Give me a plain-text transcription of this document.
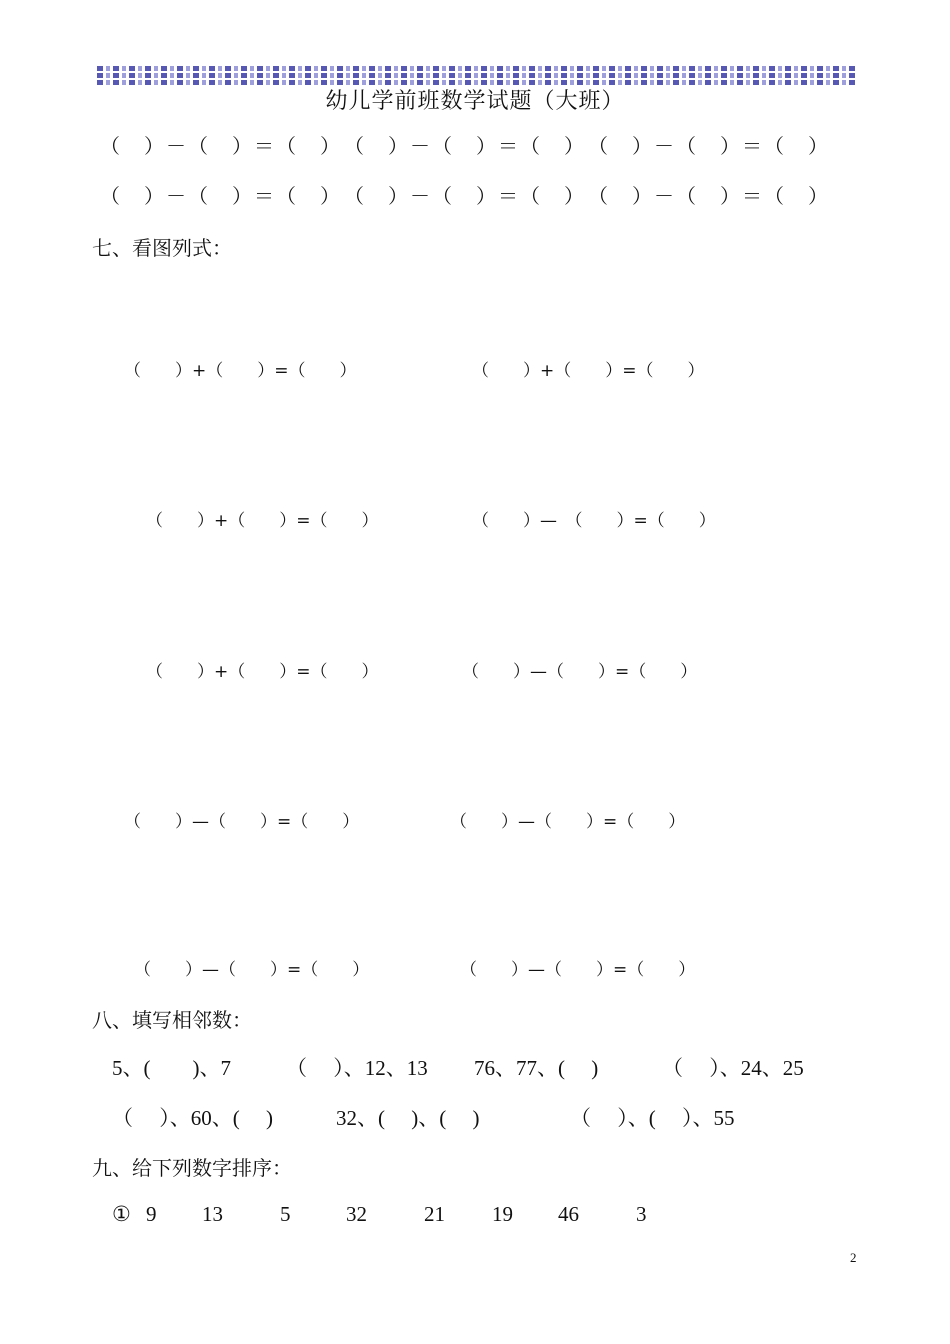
幼儿学前班数学试题（大班）
（　）－（　）＝（　）　（　）－（　）＝（　）　（　）－（　）＝（　）
（　）－（　）＝（　）　（　）－（　）＝（　）　（　）－（　）＝（　）
七、看图列式：
（　　）+（　　）=（　　）	（　　）+（　　）=（　　）
（　　）+（　　）=（　　）	（　　）—　（　　）=（　　）
（　　）+（　　）=（　　）	（　　）—（　　）=（　　）
（　　）—（　　）=（　　）	（　　）—（　　）=（　　）
（　　）—（　　）=（　　）	（　　）—（　　）=（　　）
八、填写相邻数：
5、(　　)、7	（　 ）、12、13 76、77、(　 )	（　 ）、24、25
（　 ）、60、(　 )	32、(　 )、(　 )	（　 ）、(　 ）、55
九、给下列数字排序：
① 9 13	5	32	21 19 46	3
2
